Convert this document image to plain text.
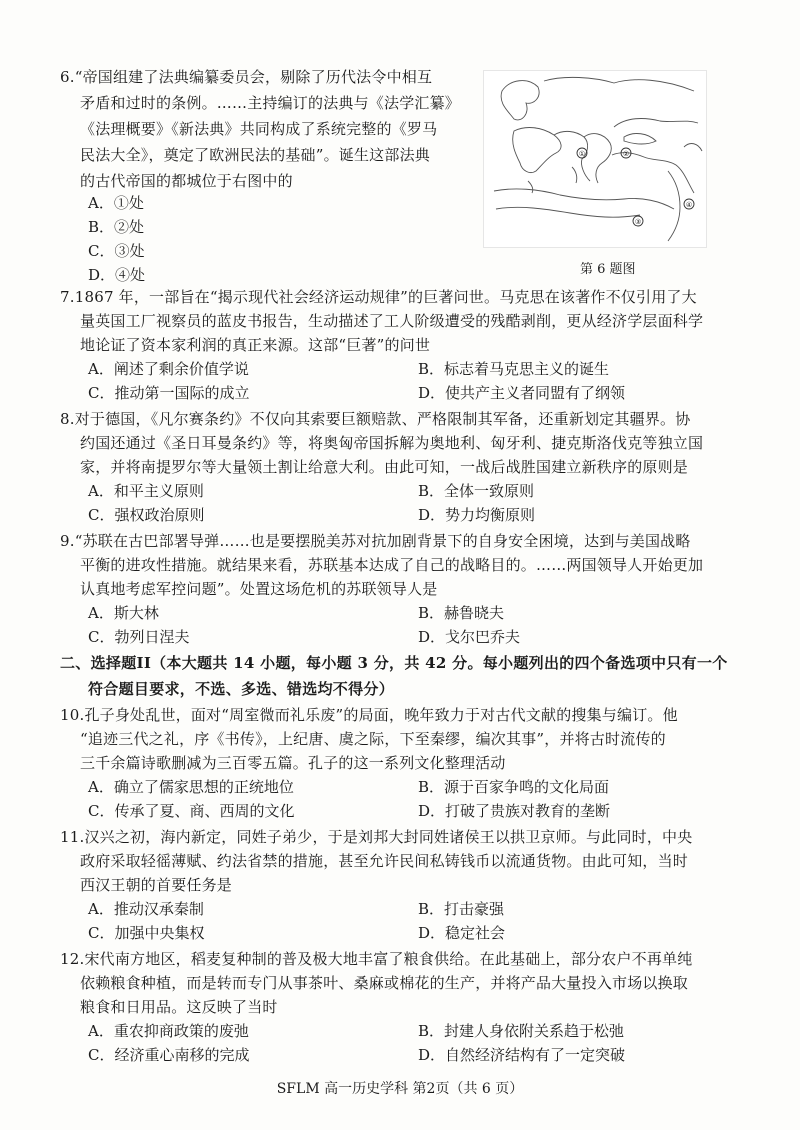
6.“帝国组建了法典编纂委员会，剔除了历代法令中相互
矛盾和过时的条例。……主持编订的法典与《法学汇纂》
《法理概要》《新法典》共同构成了系统完整的《罗马
民法大全》，奠定了欧洲民法的基础”。诞生这部法典
的古代帝国的都城位于右图中的
A．①处
B．②处
C．③处
D．④处
①	②
③
④
第 6 题图
7.1867 年，一部旨在“揭示现代社会经济运动规律”的巨著问世。马克思在该著作不仅引用了大
量英国工厂视察员的蓝皮书报告，生动描述了工人阶级遭受的残酷剥削，更从经济学层面科学
地论证了资本家利润的真正来源。这部“巨著”的问世
A．阐述了剩余价值学说	B．标志着马克思主义的诞生
C．推动第一国际的成立	D．使共产主义者同盟有了纲领
8.对于德国，《凡尔赛条约》不仅向其索要巨额赔款、严格限制其军备，还重新划定其疆界。协
约国还通过《圣日耳曼条约》等，将奥匈帝国拆解为奥地利、匈牙利、捷克斯洛伐克等独立国
家，并将南提罗尔等大量领土割让给意大利。由此可知，一战后战胜国建立新秩序的原则是
A．和平主义原则	B．全体一致原则
C．强权政治原则	D．势力均衡原则
9.“苏联在古巴部署导弹……也是要摆脱美苏对抗加剧背景下的自身安全困境，达到与美国战略
平衡的进攻性措施。就结果来看，苏联基本达成了自己的战略目的。……两国领导人开始更加
认真地考虑军控问题”。处置这场危机的苏联领导人是
A．斯大林	B．赫鲁晓夫
C．勃列日涅夫	D．戈尔巴乔夫
二、选择题II（本大题共 14 小题，每小题 3 分，共 42 分。每小题列出的四个备选项中只有一个
符合题目要求，不选、多选、错选均不得分）
10.孔子身处乱世，面对“周室微而礼乐废”的局面，晚年致力于对古代文献的搜集与编订。他
“追迹三代之礼，序《书传》，上纪唐、虞之际，下至秦缪，编次其事”，并将古时流传的
三千余篇诗歌删减为三百零五篇。孔子的这一系列文化整理活动
A．确立了儒家思想的正统地位	B．源于百家争鸣的文化局面
C．传承了夏、商、西周的文化	D．打破了贵族对教育的垄断
11.汉兴之初，海内新定，同姓子弟少，于是刘邦大封同姓诸侯王以拱卫京师。与此同时，中央
政府采取轻徭薄赋、约法省禁的措施，甚至允许民间私铸钱币以流通货物。由此可知，当时
西汉王朝的首要任务是
A．推动汉承秦制	B．打击豪强
C．加强中央集权	D．稳定社会
12.宋代南方地区，稻麦复种制的普及极大地丰富了粮食供给。在此基础上，部分农户不再单纯
依赖粮食种植，而是转而专门从事茶叶、桑麻或棉花的生产，并将产品大量投入市场以换取
粮食和日用品。这反映了当时
A．重农抑商政策的废弛	B．封建人身依附关系趋于松弛
C．经济重心南移的完成	D．自然经济结构有了一定突破
SFLM 高一历史学科 第2页（共 6 页）
